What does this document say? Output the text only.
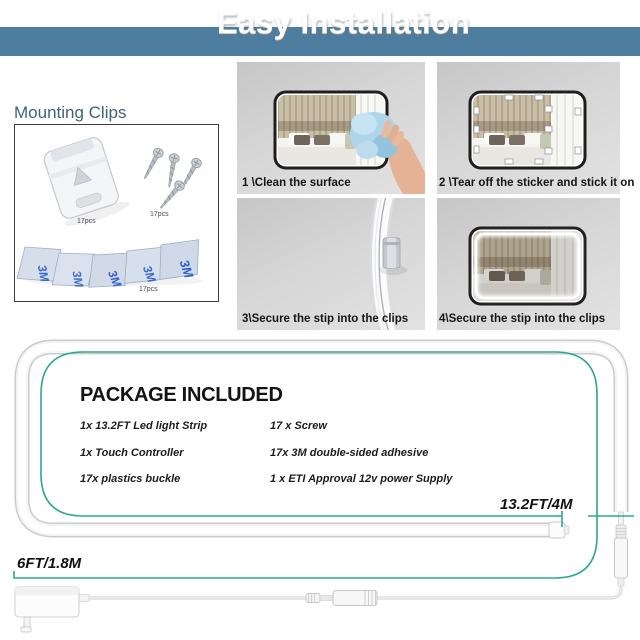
Easy Installation
Mounting Clips
3M 3M 3M 3M 3M
17pcs
17pcs
17pcs
1 \Clean the surface	2 \Tear off the sticker and stick it on
3\Secure the stip into the clips	4\Secure the stip into the clips
PACKAGE INCLUDED
1x 13.2FT Led light Strip
1x Touch Controller
17x plastics buckle
17 x Screw
17x 3M double-sided adhesive
1 x ETI Approval 12v power Supply
13.2FT/4M
6FT/1.8M
